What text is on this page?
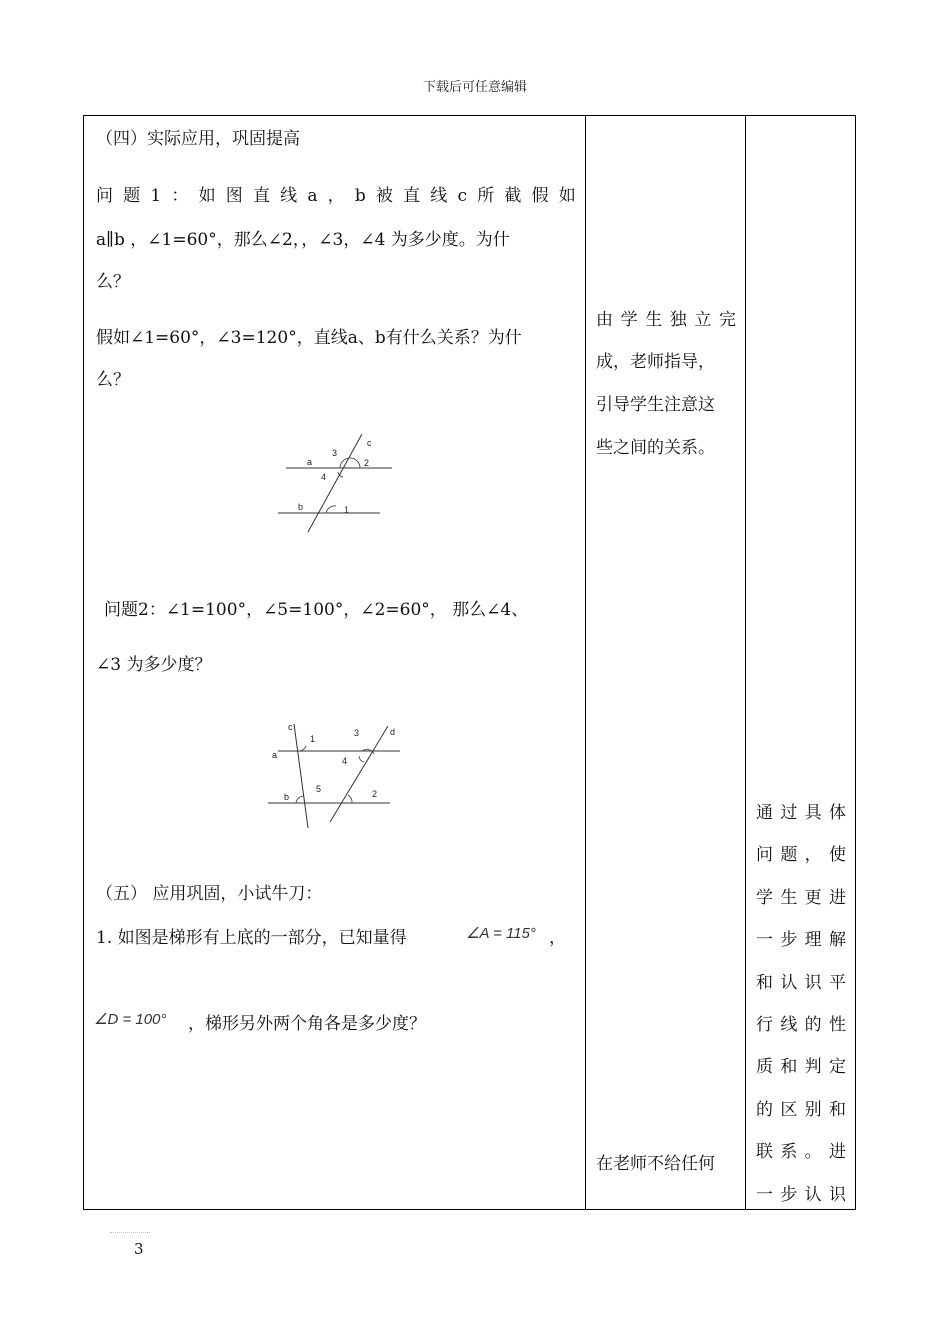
下载后可任意编辑
（四）实际应用，巩固提高
问 题 1 ： 如 图 直 线 a ， b 被 直 线 c 所 截 假 如
a∥b ，∠1=60°，那么∠2，，∠3，∠4 为多少度。为什
么？
假如∠1=60°，∠3=120°，直线a、b有什么关系？为什
么？
a
b
c
1
2
3
4
问题2：∠1=100°，∠5=100°，∠2=60°， 那么∠4、
∠3 为多少度？
a
b
c	d
1
2
3
4
5
（五） 应用巩固，小试牛刀：
1. 如图是梯形有上底的一部分，已知量得	∠A = 115° ，
∠D = 100° ，梯形另外两个角各是多少度？
由 学 生 独 立 完
成，老师指导，
引导学生注意这
些之间的关系。
在老师不给任何
通 过 具 体
问 题 ， 使
学 生 更 进
一 步 理 解
和 认 识 平
行 线 的 性
质 和 判 定
的 区 别 和
联 系 。 进
一 步 认 识
3
